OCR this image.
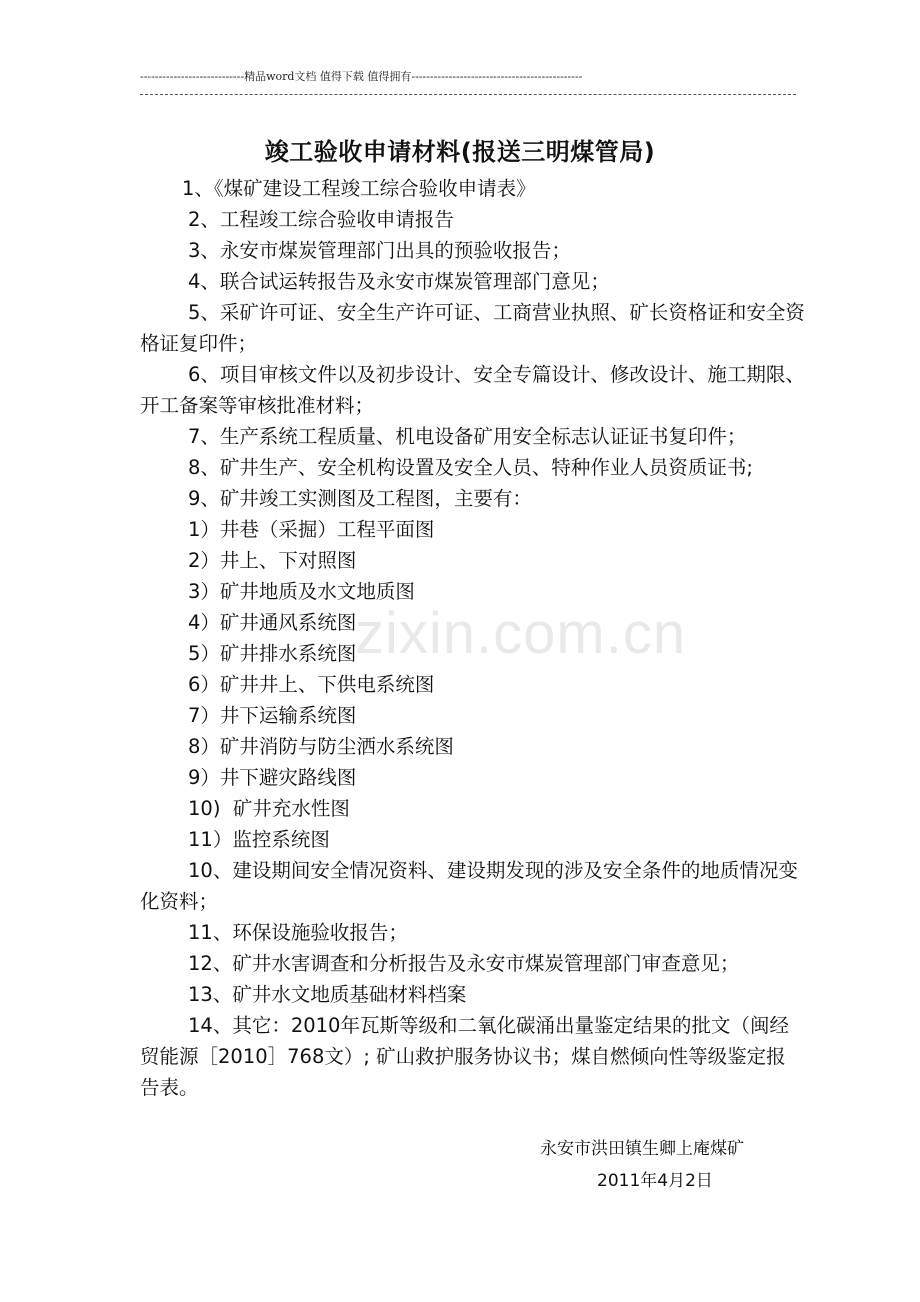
----------------------------精品word文档 值得下载 值得拥有----------------------------------------------
竣工验收申请材料(报送三明煤管局)

1、《煤矿建设工程竣工综合验收申请表》

2、工程竣工综合验收申请报告

3、永安市煤炭管理部门出具的预验收报告；

4、联合试运转报告及永安市煤炭管理部门意见；

5、采矿许可证、安全生产许可证、工商营业执照、矿长资格证和安全资格证复印件；

6、项目审核文件以及初步设计、安全专篇设计、修改设计、施工期限、开工备案等审核批准材料；

7、生产系统工程质量、机电设备矿用安全标志认证证书复印件；

8、矿井生产、安全机构设置及安全人员、特种作业人员资质证书;

9、矿井竣工实测图及工程图，主要有：

1）井巷（采掘）工程平面图

2）井上、下对照图

3）矿井地质及水文地质图

4）矿井通风系统图

5）矿井排水系统图

6）矿井井上、下供电系统图

7）井下运输系统图

8）矿井消防与防尘洒水系统图

9）井下避灾路线图

10)  矿井充水性图

11）监控系统图

10、建设期间安全情况资料、建设期发现的涉及安全条件的地质情况变化资料；

11、环保设施验收报告；

12、矿井水害调查和分析报告及永安市煤炭管理部门审查意见；

13、矿井水文地质基础材料档案

14、其它：2010年瓦斯等级和二氧化碳涌出量鉴定结果的批文（闽经贸能源［2010］768文）; 矿山救护服务协议书；煤自燃倾向性等级鉴定报告表。

永安市洪田镇生卿上庵煤矿
2011年4月2日
zixin.com.cn
